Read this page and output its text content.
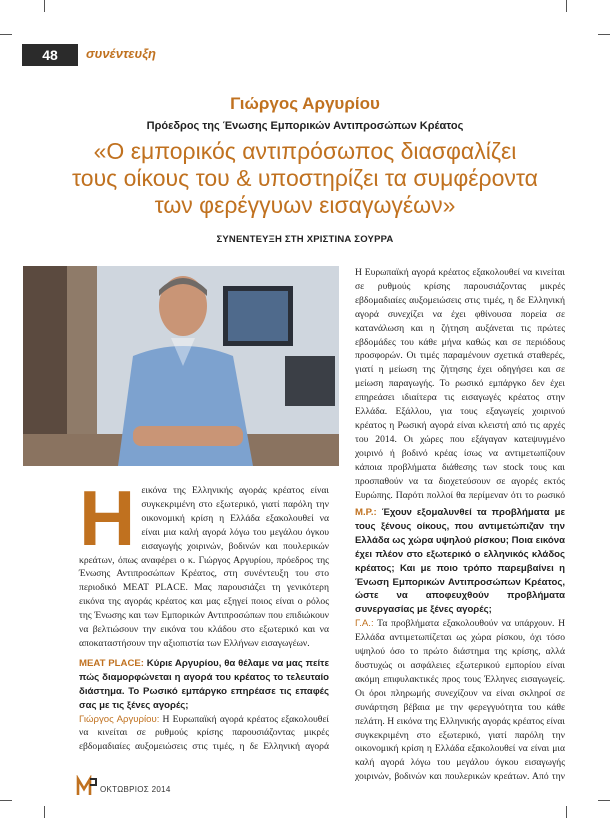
48	συνέντευξη
Γιώργος Αργυρίου
Πρόεδρος της Ένωσης Εμπορικών Αντιπροσώπων Κρέατος
«Ο εμπορικός αντιπρόσωπος διασφαλίζει
τους οίκους του & υποστηρίζει τα συμφέροντα
των φερέγγυων εισαγωγέων»
ΣΥΝΕΝΤΕΥΞΗ ΣΤΗ ΧΡΙΣΤΙΝΑ ΣΟΥΡΡΑ

Η εικόνα της Ελληνικής αγοράς κρέατος είναι συγκεκριμένη στο εξωτερικό, γιατί παρόλη την οικονομική κρίση η Ελλάδα εξακολουθεί να είναι μια καλή αγορά λόγω του μεγάλου όγκου εισαγωγής χοιρινών, βοδινών και πουλερικών κρεάτων, όπως αναφέρει ο κ. Γιώργος Αργυρίου, πρόεδρος της Ένωσης Αντιπροσώπων Κρέατος, στη συνέντευξη του στο περιοδικό MEAT PLACE. Μας παρουσιάζει τη γενικότερη εικόνα της αγοράς κρέατος και μας εξηγεί ποιος είναι ο ρόλος της Ένωσης και των Εμπορικών Αντιπροσώπων που επιδιώκουν να βελτιώσουν την εικόνα του κλάδου στο εξωτερικό και να αποκαταστήσουν την αξιοπιστία των Ελλήνων εισαγωγέων.

MEAT PLACE: Κύριε Αργυρίου, θα θέλαμε να μας πείτε πώς διαμορφώνεται η αγορά του κρέατος το τελευταίο διάστημα. Το Ρωσικό εμπάργκο επηρέασε τις επαφές σας με τις ξένες αγορές;

Γιώργος Αργυρίου: Η Ευρωπαϊκή αγορά κρέατος εξακολουθεί να κινείται σε ρυθμούς κρίσης παρουσιάζοντας μικρές εβδομαδιαίες αυξομειώσεις στις τιμές, η δε Ελληνική αγορά

Η Ευρωπαϊκή αγορά κρέατος εξακολουθεί να κινείται σε ρυθμούς κρίσης παρουσιάζοντας μικρές εβδομαδιαίες αυξομειώσεις στις τιμές, η δε Ελληνική αγορά συνεχίζει να έχει φθίνουσα πορεία σε κατανάλωση και η ζήτηση αυξάνεται τις πρώτες εβδομάδες του κάθε μήνα καθώς και σε περιόδους προσφορών. Οι τιμές παραμένουν σχετικά σταθερές, γιατί η μείωση της ζήτησης έχει οδηγήσει και σε μείωση παραγωγής. Το ρωσικό εμπάργκο δεν έχει επηρεάσει ιδιαίτερα τις εισαγωγές κρέατος στην Ελλάδα. Εξάλλου, για τους εξαγωγείς χοιρινού κρέατος η Ρωσική αγορά είναι κλειστή από τις αρχές του 2014. Οι χώρες που εξάγαγαν κατεψυγμένο χοιρινό ή βοδινό κρέας ίσως να αντιμετωπίζουν κάποια προβλήματα διάθεσης των stock τους και προσπαθούν να τα διοχετεύσουν σε αγορές εκτός Ευρώπης. Παρότι πολλοί θα περίμεναν ότι το ρωσικό

Μ.Ρ.: Έχουν εξομαλυνθεί τα προβλήματα με τους ξένους οίκους, που αντιμετώπιζαν την Ελλάδα ως χώρα υψηλού ρίσκου; Ποια εικόνα έχει πλέον στο εξωτερικό ο ελληνικός κλάδος κρέατος; Και με ποιο τρόπο παρεμβαίνει η Ένωση Εμπορικών Αντιπροσώπων Κρέατος, ώστε να αποφευχθούν προβλήματα συνεργασίας με ξένες αγορές;

Γ.Α.: Τα προβλήματα εξακολουθούν να υπάρχουν. Η Ελλάδα αντιμετωπίζεται ως χώρα ρίσκου, όχι τόσο υψηλού όσο το πρώτο διάστημα της κρίσης, αλλά δυστυχώς οι ασφάλειες εξωτερικού εμπορίου είναι ακόμη επιφυλακτικές προς τους Έλληνες εισαγωγείς. Οι όροι πληρωμής συνεχίζουν να είναι σκληροί σε συνάρτηση βέβαια με την φερεγγυότητα του κάθε πελάτη. Η εικόνα της Ελληνικής αγοράς κρέατος είναι συγκεκριμένη στο εξωτερικό, γιατί παρόλη την οικονομική κρίση η Ελλάδα εξακολουθεί να είναι μια καλή αγορά λόγω του μεγάλου όγκου εισαγωγής χοιρινών, βοδινών και πουλερικών κρεάτων. Από την

ΟΚΤΩΒΡΙΟΣ 2014
